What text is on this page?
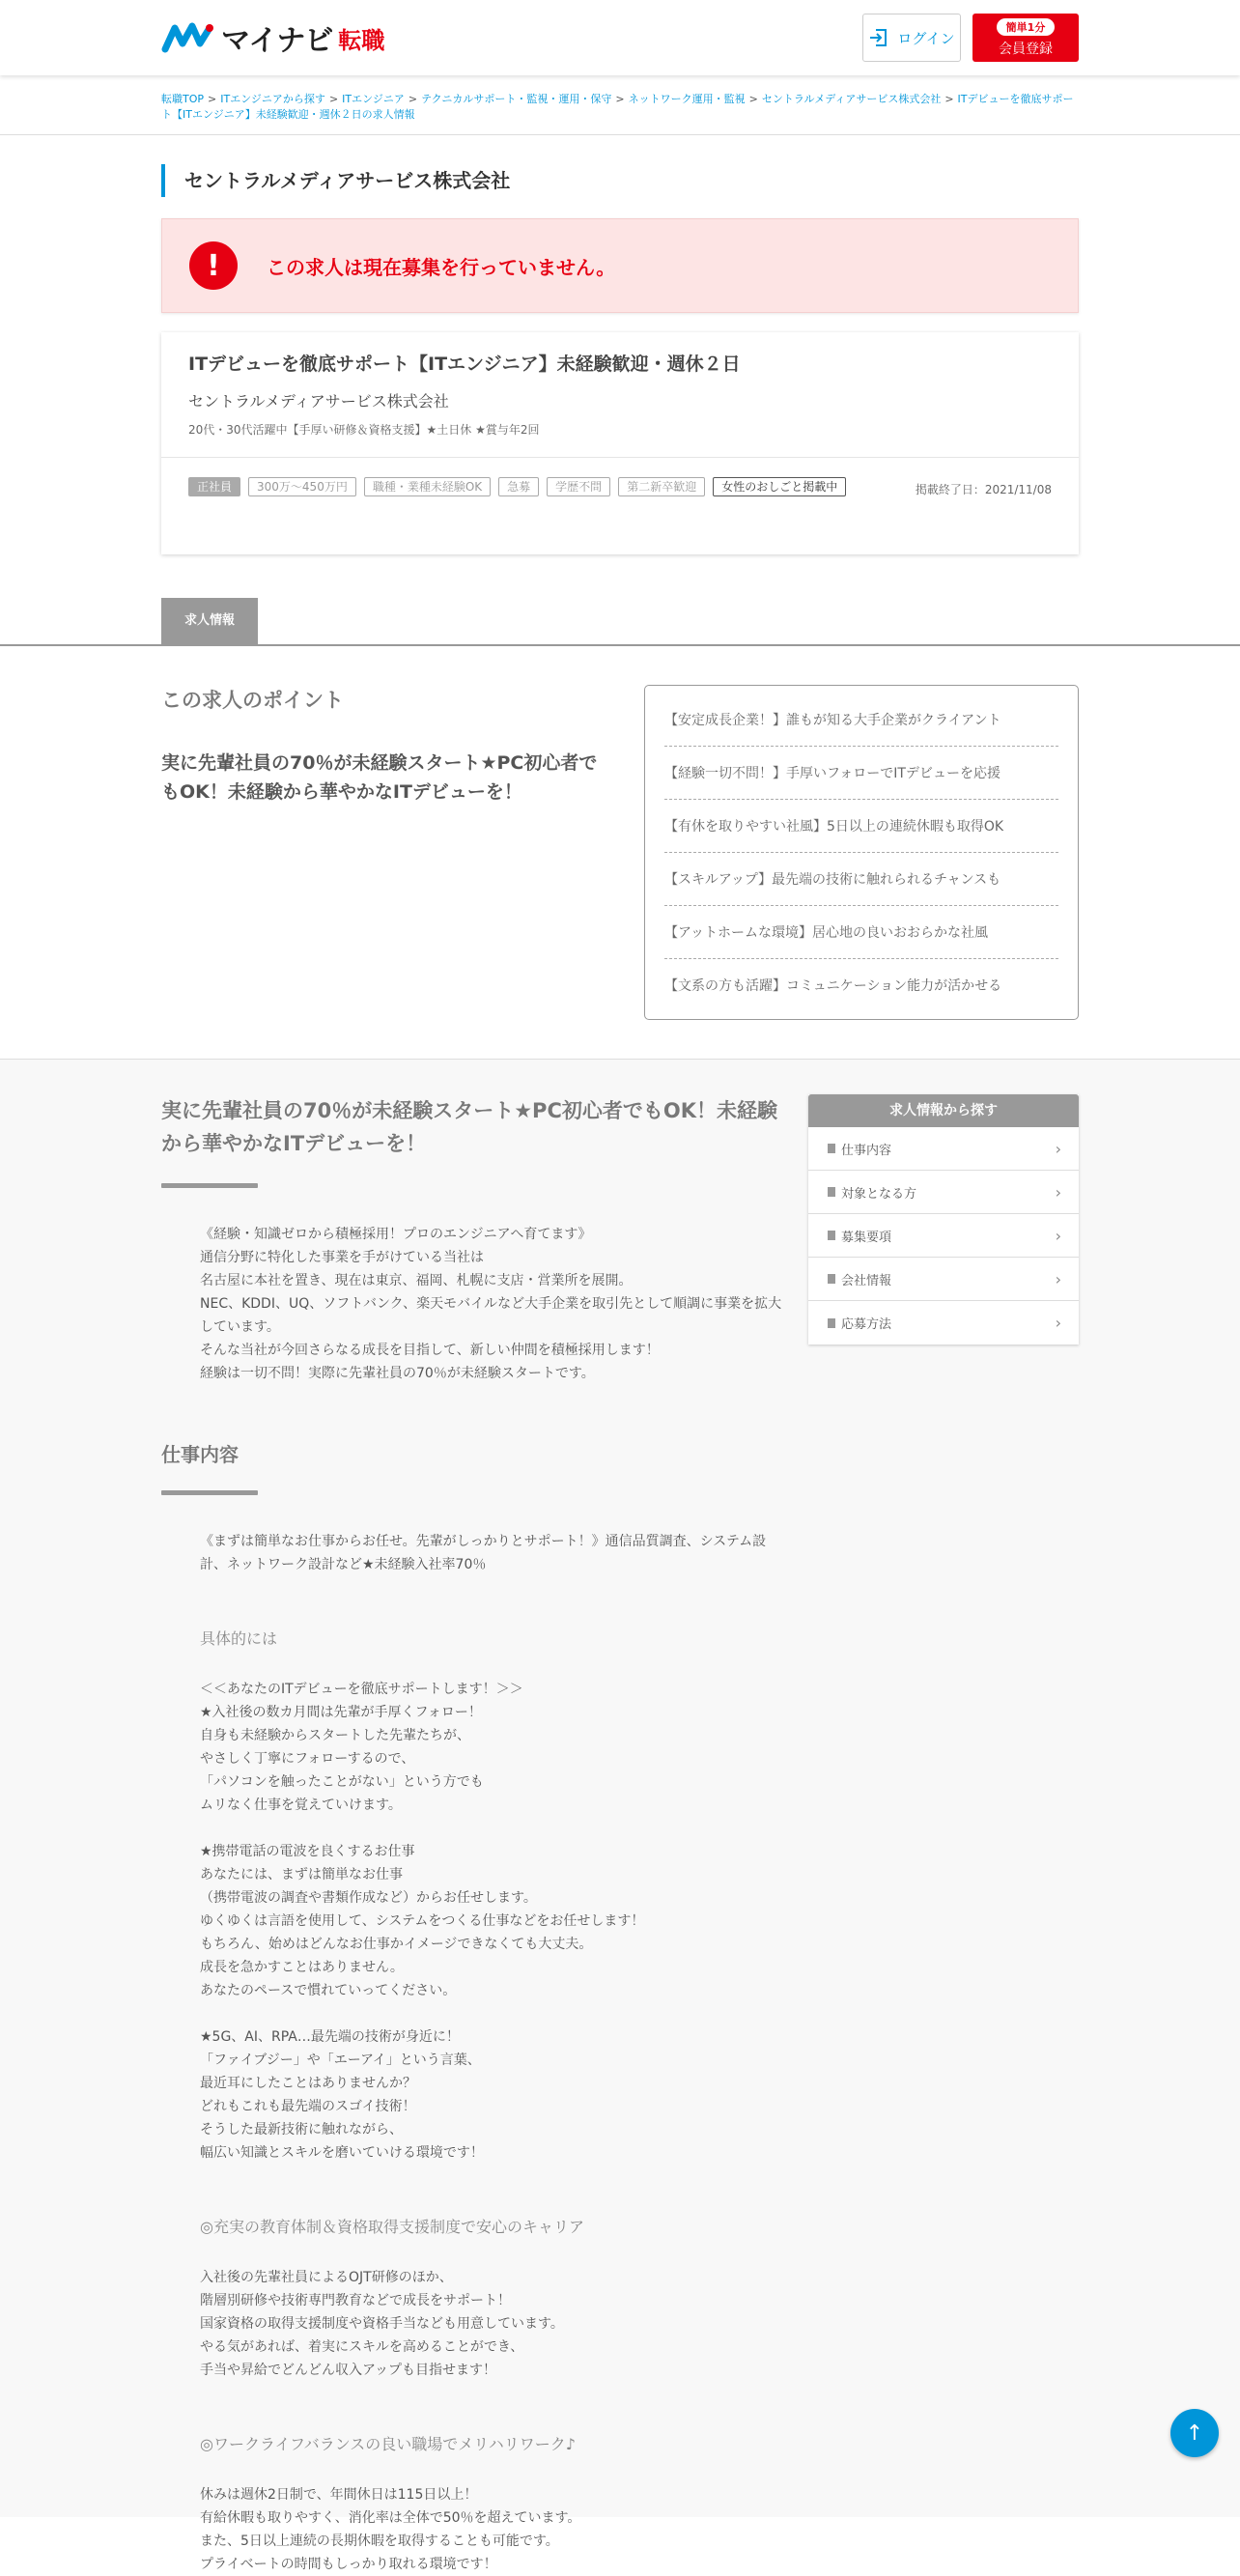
マイナビ 転職	ログイン
簡単1分
会員登録
転職TOP > ITエンジニアから探す > ITエンジニア > テクニカルサポート・監視・運用・保守 > ネットワーク運用・監視 > セントラルメディアサービス株式会社 > ITデビューを徹底サポート【ITエンジニア】未経験歓迎・週休２日の求人情報
セントラルメディアサービス株式会社
!	この求人は現在募集を行っていません。
ITデビューを徹底サポート【ITエンジニア】未経験歓迎・週休２日
セントラルメディアサービス株式会社
20代・30代活躍中【手厚い研修＆資格支援】★土日休 ★賞与年2回
正社員	300万～450万円	職種・業種未経験OK	急募	学歴不問	第二新卒歓迎	女性のおしごと掲載中	掲載終了日：2021/11/08
求人情報
この求人のポイント
実に先輩社員の70％が未経験スタート★PC初心者でもOK！未経験から華やかなITデビューを！
【安定成長企業！】誰もが知る大手企業がクライアント
【経験一切不問！】手厚いフォローでITデビューを応援
【有休を取りやすい社風】5日以上の連続休暇も取得OK
【スキルアップ】最先端の技術に触れられるチャンスも
【アットホームな環境】居心地の良いおおらかな社風
【文系の方も活躍】コミュニケーション能力が活かせる
実に先輩社員の70％が未経験スタート★PC初心者でもOK！未経験から華やかなITデビューを！
《経験・知識ゼロから積極採用！プロのエンジニアへ育てます》
通信分野に特化した事業を手がけている当社は
名古屋に本社を置き、現在は東京、福岡、札幌に支店・営業所を展開。
NEC、KDDI、UQ、ソフトバンク、楽天モバイルなど大手企業を取引先として順調に事業を拡大しています。
そんな当社が今回さらなる成長を目指して、新しい仲間を積極採用します！
経験は一切不問！実際に先輩社員の70％が未経験スタートです。
仕事内容
《まずは簡単なお仕事からお任せ。先輩がしっかりとサポート！》通信品質調査、システム設計、ネットワーク設計など★未経験入社率70％
具体的には
＜＜あなたのITデビューを徹底サポートします！＞＞
★入社後の数カ月間は先輩が手厚くフォロー！
自身も未経験からスタートした先輩たちが、
やさしく丁寧にフォローするので、
「パソコンを触ったことがない」という方でも
ムリなく仕事を覚えていけます。

★携帯電話の電波を良くするお仕事
あなたには、まずは簡単なお仕事
（携帯電波の調査や書類作成など）からお任せします。
ゆくゆくは言語を使用して、システムをつくる仕事などをお任せします！
もちろん、始めはどんなお仕事かイメージできなくても大丈夫。
成長を急かすことはありません。
あなたのペースで慣れていってください。

★5G、AI、RPA…最先端の技術が身近に！
「ファイブジー」や「エーアイ」という言葉、
最近耳にしたことはありませんか？
どれもこれも最先端のスゴイ技術！
そうした最新技術に触れながら、
幅広い知識とスキルを磨いていける環境です！
◎充実の教育体制＆資格取得支援制度で安心のキャリア
入社後の先輩社員によるOJT研修のほか、
階層別研修や技術専門教育などで成長をサポート！
国家資格の取得支援制度や資格手当なども用意しています。
やる気があれば、着実にスキルを高めることができ、
手当や昇給でどんどん収入アップも目指せます！
◎ワークライフバランスの良い職場でメリハリワーク♪
休みは週休2日制で、年間休日は115日以上！
有給休暇も取りやすく、消化率は全体で50％を超えています。
また、5日以上連続の長期休暇を取得することも可能です。
プライベートの時間もしっかり取れる環境です！
求人情報から探す
仕事内容	›
対象となる方	›
募集要項	›
会社情報	›
応募方法	›
↑
